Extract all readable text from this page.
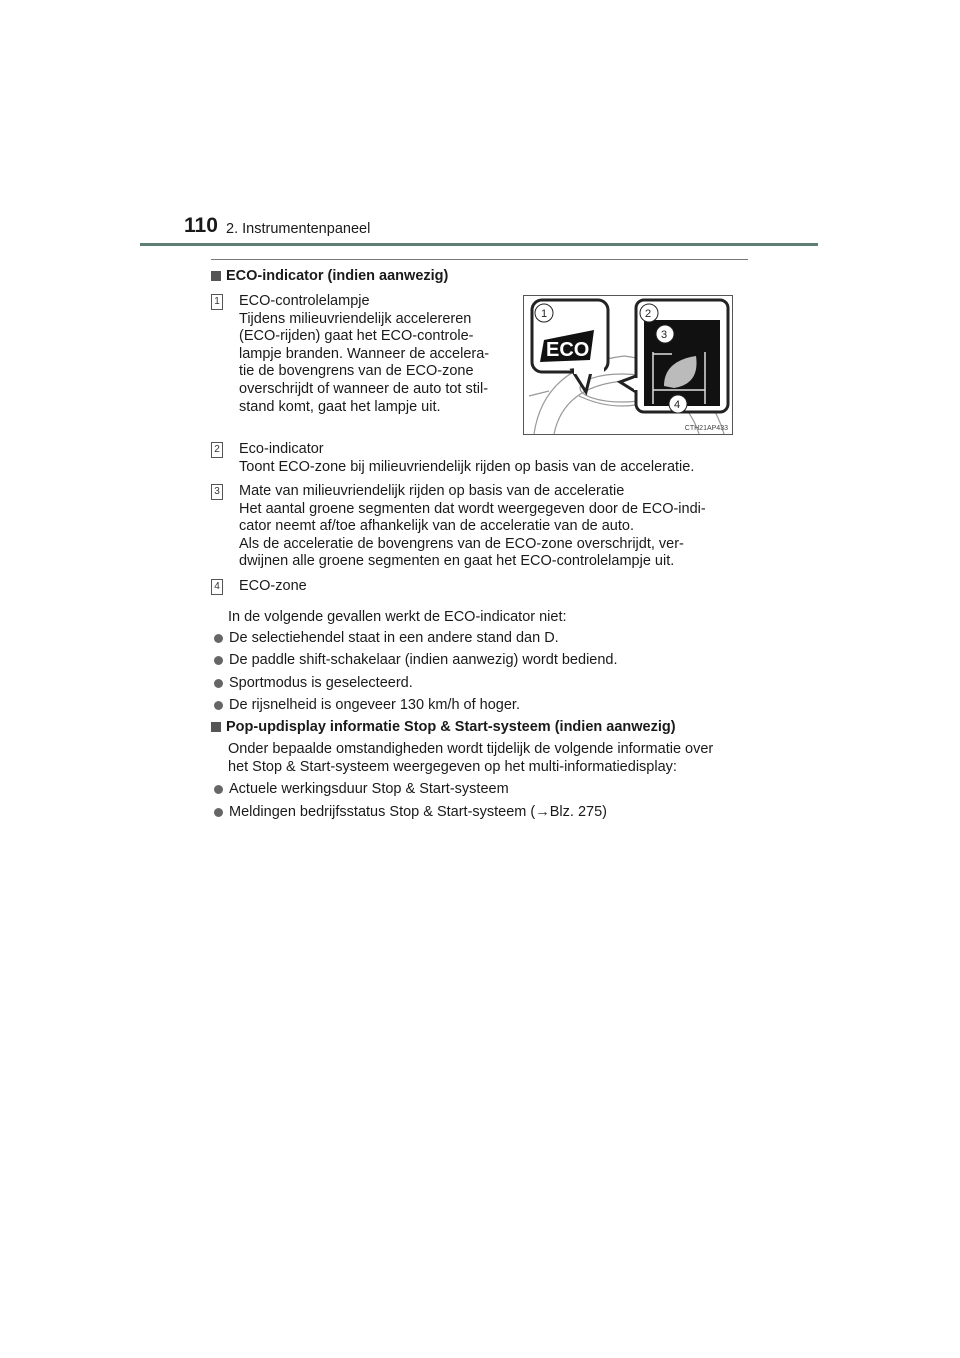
110 2. Instrumentenpaneel
ECO-indicator (indien aanwezig)
1 ECO-controlelampje
Tijdens milieuvriendelijk accelereren
(ECO-rijden) gaat het ECO-controle-
lampje branden. Wanneer de accelera-
tie de bovengrens van de ECO-zone
overschrijdt of wanneer de auto tot stil-
stand komt, gaat het lampje uit.
ECO
1	2
3
4
CTH21AP433
2 Eco-indicator
Toont ECO-zone bij milieuvriendelijk rijden op basis van de acceleratie.
3 Mate van milieuvriendelijk rijden op basis van de acceleratie
Het aantal groene segmenten dat wordt weergegeven door de ECO-indi-
cator neemt af/toe afhankelijk van de acceleratie van de auto.
Als de acceleratie de bovengrens van de ECO-zone overschrijdt, ver-
dwijnen alle groene segmenten en gaat het ECO-controlelampje uit.
4 ECO-zone
In de volgende gevallen werkt de ECO-indicator niet:
De selectiehendel staat in een andere stand dan D.
De paddle shift-schakelaar (indien aanwezig) wordt bediend.
Sportmodus is geselecteerd.
De rijsnelheid is ongeveer 130 km/h of hoger.
Pop-updisplay informatie Stop & Start-systeem (indien aanwezig)
Onder bepaalde omstandigheden wordt tijdelijk de volgende informatie over
het Stop & Start-systeem weergegeven op het multi-informatiedisplay:
Actuele werkingsduur Stop & Start-systeem
Meldingen bedrijfsstatus Stop & Start-systeem (→Blz. 275)
